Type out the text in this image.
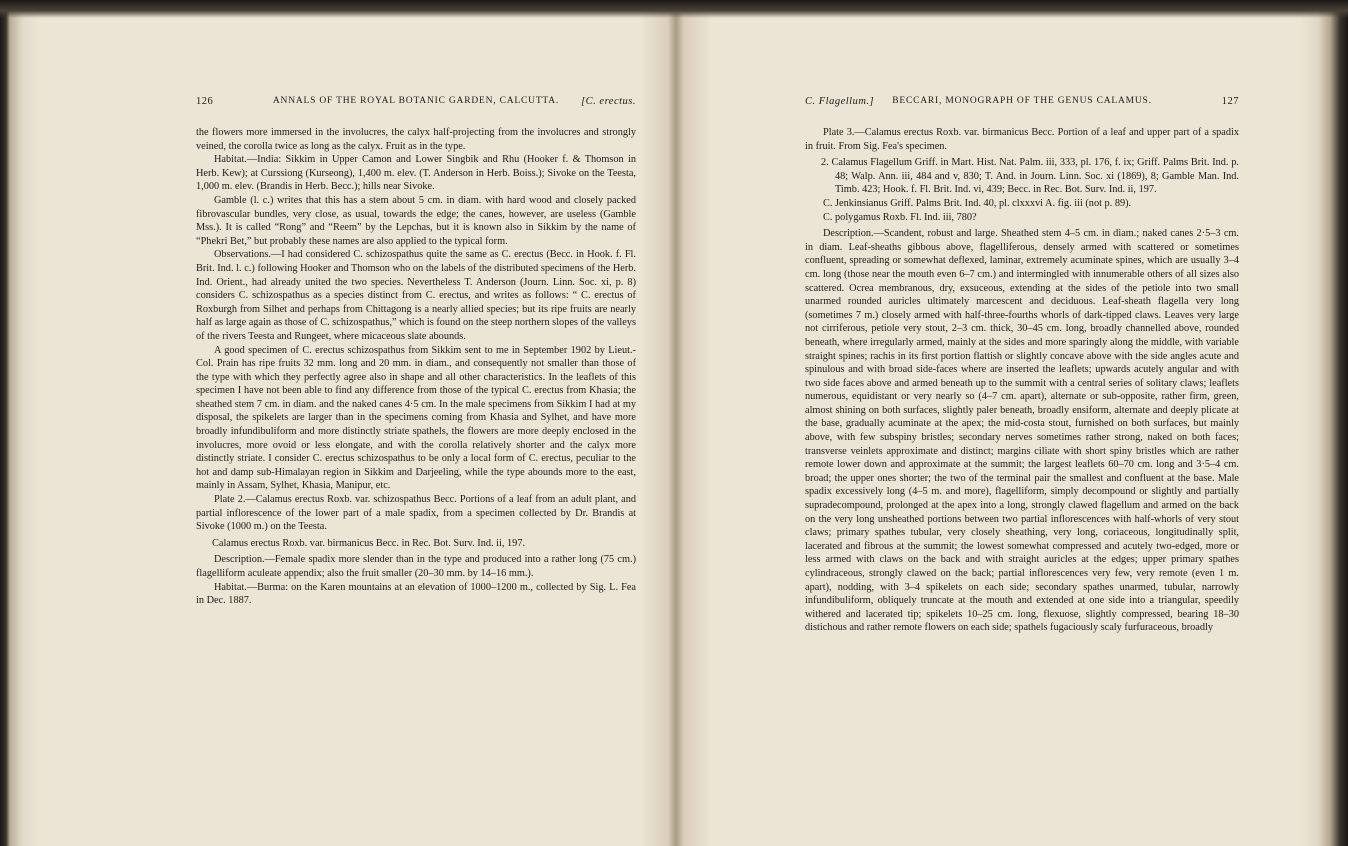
126	ANNALS OF THE ROYAL BOTANIC GARDEN, CALCUTTA.	[C. erectus.

the flowers more immersed in the involucres, the calyx half-projecting from the involucres and strongly veined, the corolla twice as long as the calyx. Fruit as in the type.

Habitat.—India: Sikkim in Upper Camon and Lower Singbik and Rhu (Hooker f. & Thomson in Herb. Kew); at Curssiong (Kurseong), 1,400 m. elev. (T. Anderson in Herb. Boiss.); Sivoke on the Teesta, 1,000 m. elev. (Brandis in Herb. Becc.); hills near Sivoke.

Gamble (l. c.) writes that this has a stem about 5 cm. in diam. with hard wood and closely packed fibrovascular bundles, very close, as usual, towards the edge; the canes, however, are useless (Gamble Mss.). It is called “Rong” and “Reem” by the Lepchas, but it is known also in Sikkim by the name of “Phekri Bet,” but probably these names are also applied to the typical form.

Observations.—I had considered C. schizospathus quite the same as C. erectus (Becc. in Hook. f. Fl. Brit. Ind. l. c.) following Hooker and Thomson who on the labels of the distributed specimens of the Herb. Ind. Orient., had already united the two species. Nevertheless T. Anderson (Journ. Linn. Soc. xi, p. 8) considers C. schizospathus as a species distinct from C. erectus, and writes as follows: “ C. erectus of Roxburgh from Silhet and perhaps from Chittagong is a nearly allied species; but its ripe fruits are nearly half as large again as those of C. schizospathus,” which is found on the steep northern slopes of the valleys of the rivers Teesta and Rungeet, where micaceous slate abounds.

A good specimen of C. erectus schizospathus from Sikkim sent to me in September 1902 by Lieut.-Col. Prain has ripe fruits 32 mm. long and 20 mm. in diam., and consequently not smaller than those of the type with which they perfectly agree also in shape and all other characteristics. In the leaflets of this specimen I have not been able to find any difference from those of the typical C. erectus from Khasia; the sheathed stem 7 cm. in diam. and the naked canes 4·5 cm. In the male specimens from Sikkim I had at my disposal, the spikelets are larger than in the specimens coming from Khasia and Sylhet, and have more broadly infundibuliform and more distinctly striate spathels, the flowers are more deeply enclosed in the involucres, more ovoid or less elongate, and with the corolla relatively shorter and the calyx more distinctly striate. I consider C. erectus schizospathus to be only a local form of C. erectus, peculiar to the hot and damp sub-Himalayan region in Sikkim and Darjeeling, while the type abounds more to the east, mainly in Assam, Sylhet, Khasia, Manipur, etc.

Plate 2.—Calamus erectus Roxb. var. schizospathus Becc. Portions of a leaf from an adult plant, and partial inflorescence of the lower part of a male spadix, from a specimen collected by Dr. Brandis at Sivoke (1000 m.) on the Teesta.

Calamus erectus Roxb. var. birmanicus Becc. in Rec. Bot. Surv. Ind. ii, 197.

Description.—Female spadix more slender than in the type and produced into a rather long (75 cm.) flagelliform aculeate appendix; also the fruit smaller (20–30 mm. by 14–16 mm.).

Habitat.—Burma: on the Karen mountains at an elevation of 1000–1200 m., collected by Sig. L. Fea in Dec. 1887.

C. Flagellum.]	BECCARI, MONOGRAPH OF THE GENUS CALAMUS.	127

Plate 3.—Calamus erectus Roxb. var. birmanicus Becc. Portion of a leaf and upper part of a spadix in fruit. From Sig. Fea's specimen.

2. Calamus Flagellum Griff. in Mart. Hist. Nat. Palm. iii, 333, pl. 176, f. ix; Griff. Palms Brit. Ind. p. 48; Walp. Ann. iii, 484 and v, 830; T. And. in Journ. Linn. Soc. xi (1869), 8; Gamble Man. Ind. Timb. 423; Hook. f. Fl. Brit. Ind. vi, 439; Becc. in Rec. Bot. Surv. Ind. ii, 197.

C. Jenkinsianus Griff. Palms Brit. Ind. 40, pl. clxxxvi A. fig. iii (not p. 89).

C. polygamus Roxb. Fl. Ind. iii, 780?

Description.—Scandent, robust and large. Sheathed stem 4–5 cm. in diam.; naked canes 2·5–3 cm. in diam. Leaf-sheaths gibbous above, flagelliferous, densely armed with scattered or sometimes confluent, spreading or somewhat deflexed, laminar, extremely acuminate spines, which are usually 3–4 cm. long (those near the mouth even 6–7 cm.) and intermingled with innumerable others of all sizes also scattered. Ocrea membranous, dry, exsuceous, extending at the sides of the petiole into two small unarmed rounded auricles ultimately marcescent and deciduous. Leaf-sheath flagella very long (sometimes 7 m.) closely armed with half-three-fourths whorls of dark-tipped claws. Leaves very large not cirriferous, petiole very stout, 2–3 cm. thick, 30–45 cm. long, broadly channelled above, rounded beneath, where irregularly armed, mainly at the sides and more sparingly along the middle, with variable straight spines; rachis in its first portion flattish or slightly concave above with the side angles acute and spinulous and with broad side-faces where are inserted the leaflets; upwards acutely angular and with two side faces above and armed beneath up to the summit with a central series of solitary claws; leaflets numerous, equidistant or very nearly so (4–7 cm. apart), alternate or sub-opposite, rather firm, green, almost shining on both surfaces, slightly paler beneath, broadly ensiform, alternate and deeply plicate at the base, gradually acuminate at the apex; the mid-costa stout, furnished on both surfaces, but mainly above, with few subspiny bristles; secondary nerves sometimes rather strong, naked on both faces; transverse veinlets approximate and distinct; margins ciliate with short spiny bristles which are rather remote lower down and approximate at the summit; the largest leaflets 60–70 cm. long and 3·5–4 cm. broad; the upper ones shorter; the two of the terminal pair the smallest and confluent at the base. Male spadix excessively long (4–5 m. and more), flagelliform, simply decompound or slightly and partially supradecompound, prolonged at the apex into a long, strongly clawed flagellum and armed on the back on the very long unsheathed portions between two partial inflorescences with half-whorls of very stout claws; primary spathes tubular, very closely sheathing, very long, coriaceous, longitudinally split, lacerated and fibrous at the summit; the lowest somewhat compressed and acutely two-edged, more or less armed with claws on the back and with straight auricles at the edges; upper primary spathes cylindraceous, strongly clawed on the back; partial inflorescences very few, very remote (even 1 m. apart), nodding, with 3–4 spikelets on each side; secondary spathes unarmed, tubular, narrowly infundibuliform, obliquely truncate at the mouth and extended at one side into a triangular, speedily withered and lacerated tip; spikelets 10–25 cm. long, flexuose, slightly compressed, bearing 18–30 distichous and rather remote flowers on each side; spathels fugaciously scaly furfuraceous, broadly
